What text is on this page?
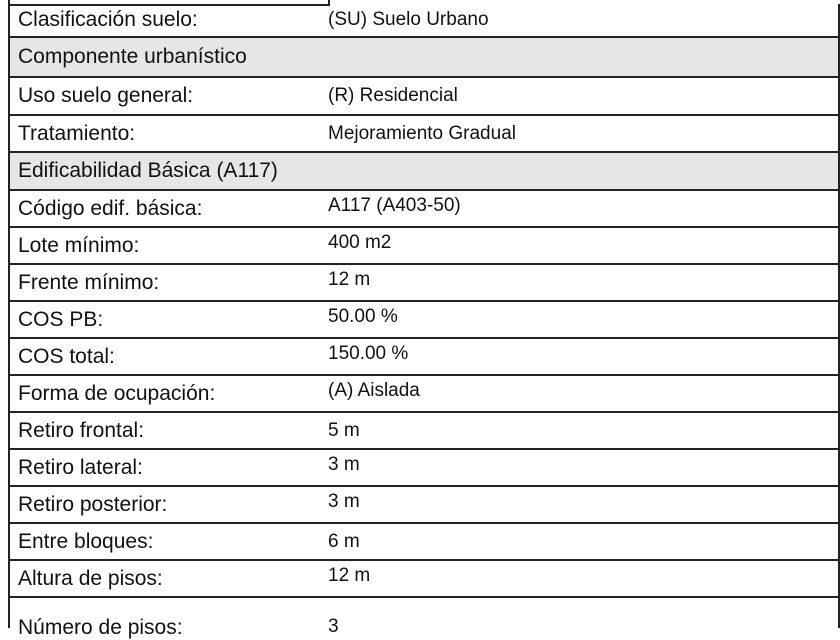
Clasificación suelo:	(SU) Suelo Urbano
Componente urbanístico
Uso suelo general:	(R) Residencial
Tratamiento:	Mejoramiento Gradual
Edificabilidad Básica (A117)
Código edif. básica:	A117 (A403-50)
Lote mínimo:	400 m2
Frente mínimo:	12 m
COS PB:	50.00 %
COS total:	150.00 %
Forma de ocupación:	(A) Aislada
Retiro frontal:	5 m
Retiro lateral:	3 m
Retiro posterior:	3 m
Entre bloques:	6 m
Altura de pisos:	12 m
Número de pisos:	3
